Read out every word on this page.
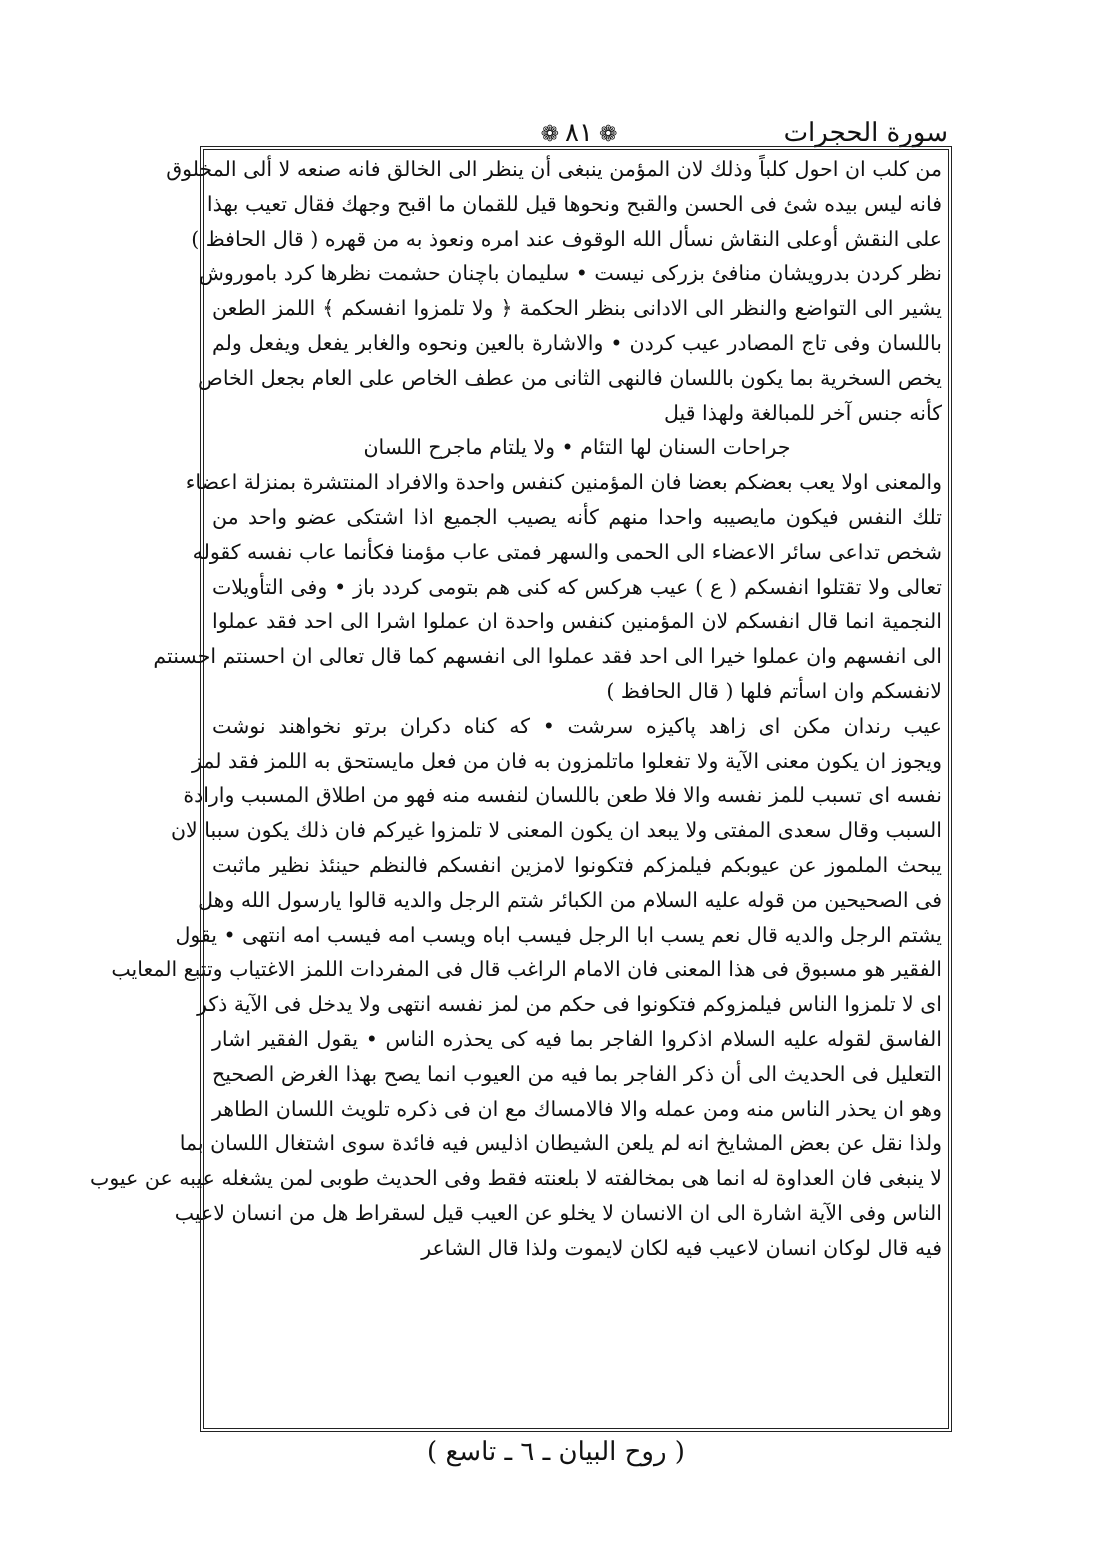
سورة الحجرات
❁٨١❁
من كلب ان احول كلباً وذلك لان المؤمن ينبغى أن ينظر الى الخالق فانه صنعه لا ألى المخلوق
فانه ليس بيده شئ فى الحسن والقبح ونحوها قيل للقمان ما اقبح وجهك فقال تعيب بهذا
على النقش أوعلى النقاش نسأل الله الوقوف عند امره ونعوذ به من قهره ( قال الحافظ )
نظر كردن بدرويشان منافئ بزركى نيست • سليمان باچنان حشمت نظرها كرد باموروش
يشير الى التواضع والنظر الى الادانى بنظر الحكمة ﴿ ولا تلمزوا انفسكم ﴾ اللمز الطعن
باللسان وفى تاج المصادر عيب كردن • والاشارة بالعين ونحوه والغابر يفعل ويفعل ولم
يخص السخرية بما يكون باللسان فالنهى الثانى من عطف الخاص على العام بجعل الخاص
كأنه جنس آخر للمبالغة ولهذا قيل
جراحات السنان لها التئام • ولا يلتام ماجرح اللسان
والمعنى اولا يعب بعضكم بعضا فان المؤمنين كنفس واحدة والافراد المنتشرة بمنزلة اعضاء
تلك النفس فيكون مايصيبه واحدا منهم كأنه يصيب الجميع اذا اشتكى عضو واحد من
شخص تداعى سائر الاعضاء الى الحمى والسهر فمتى عاب مؤمنا فكأنما عاب نفسه كقوله
تعالى ولا تقتلوا انفسكم ( ع ) عيب هركس كه كنى هم بتومى كردد باز • وفى التأويلات
النجمية انما قال انفسكم لان المؤمنين كنفس واحدة ان عملوا اشرا الى احد فقد عملوا
الى انفسهم وان عملوا خيرا الى احد فقد عملوا الى انفسهم كما قال تعالى ان احسنتم احسنتم
لانفسكم وان اسأتم فلها ( قال الحافظ )
عيب رندان مكن اى زاهد پاكيزه سرشت • كه كناه دكران برتو نخواهند نوشت
ويجوز ان يكون معنى الآية ولا تفعلوا ماتلمزون به فان من فعل مايستحق به اللمز فقد لمز
نفسه اى تسبب للمز نفسه والا فلا طعن باللسان لنفسه منه فهو من اطلاق المسبب وارادة
السبب وقال سعدى المفتى ولا يبعد ان يكون المعنى لا تلمزوا غيركم فان ذلك يكون سببا لان
يبحث الملموز عن عيوبكم فيلمزكم فتكونوا لامزين انفسكم فالنظم حينئذ نظير ماثبت
فى الصحيحين من قوله عليه السلام من الكبائر شتم الرجل والديه قالوا يارسول الله وهل
يشتم الرجل والديه قال نعم يسب ابا الرجل فيسب اباه ويسب امه فيسب امه انتهى • يقول
الفقير هو مسبوق فى هذا المعنى فان الامام الراغب قال فى المفردات اللمز الاغتياب وتتبع المعايب
اى لا تلمزوا الناس فيلمزوكم فتكونوا فى حكم من لمز نفسه انتهى ولا يدخل فى الآية ذكر
الفاسق لقوله عليه السلام اذكروا الفاجر بما فيه كى يحذره الناس • يقول الفقير اشار
التعليل فى الحديث الى أن ذكر الفاجر بما فيه من العيوب انما يصح بهذا الغرض الصحيح
وهو ان يحذر الناس منه ومن عمله والا فالامساك مع ان فى ذكره تلويث اللسان الطاهر
ولذا نقل عن بعض المشايخ انه لم يلعن الشيطان اذليس فيه فائدة سوى اشتغال اللسان بما
لا ينبغى فان العداوة له انما هى بمخالفته لا بلعنته فقط وفى الحديث طوبى لمن يشغله عيبه عن عيوب
الناس وفى الآية اشارة الى ان الانسان لا يخلو عن العيب قيل لسقراط هل من انسان لاعيب
فيه قال لوكان انسان لاعيب فيه لكان لايموت ولذا قال الشاعر
( روح البيان ـ ٦ ـ تاسع )
